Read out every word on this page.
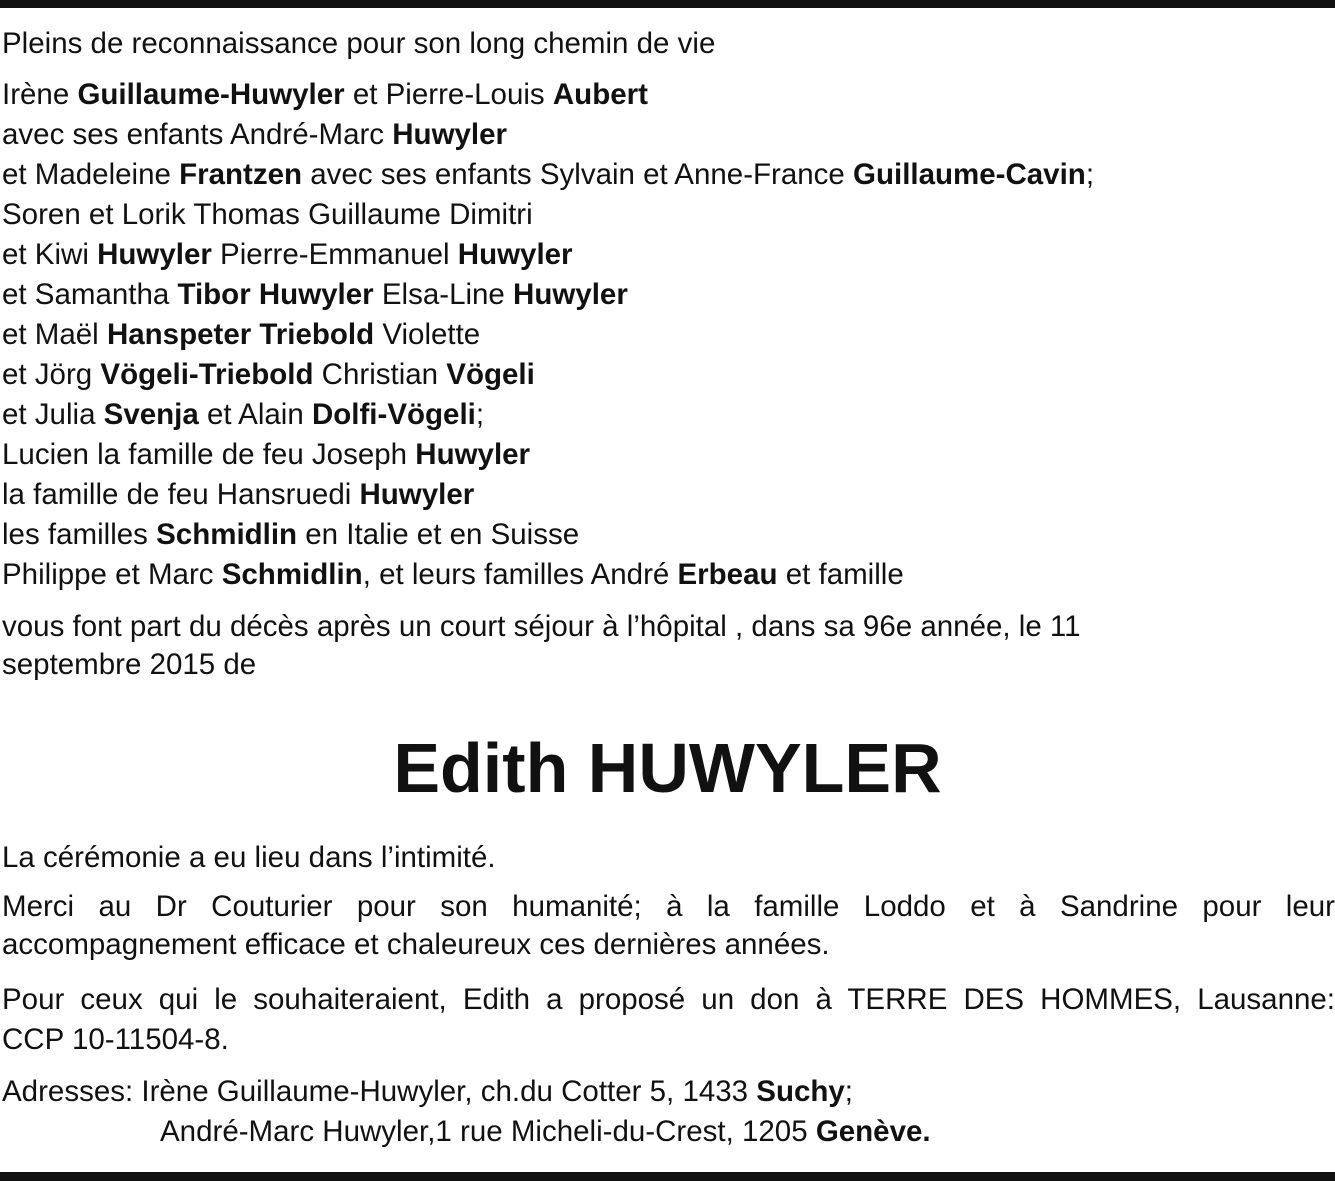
Pleins de reconnaissance pour son long chemin de vie
Irène Guillaume-Huwyler et Pierre-Louis Aubert
avec ses enfants André-Marc Huwyler
et Madeleine Frantzen avec ses enfants Sylvain et Anne-France Guillaume-Cavin;
Soren et Lorik Thomas Guillaume Dimitri
et Kiwi Huwyler Pierre-Emmanuel Huwyler
et Samantha Tibor Huwyler Elsa-Line Huwyler
et Maël Hanspeter Triebold Violette
et Jörg Vögeli-Triebold Christian Vögeli
et Julia Svenja et Alain Dolfi-Vögeli;
Lucien la famille de feu Joseph Huwyler
la famille de feu Hansruedi Huwyler
les familles Schmidlin en Italie et en Suisse
Philippe et Marc Schmidlin, et leurs familles André Erbeau et famille
vous font part du décès après un court séjour à l’hôpital , dans sa 96e année, le 11
septembre 2015 de
Edith HUWYLER
La cérémonie a eu lieu dans l’intimité.
Merci au Dr Couturier pour son humanité; à la famille Loddo et à Sandrine pour leur
accompagnement efficace et chaleureux ces dernières années.
Pour ceux qui le souhaiteraient, Edith a proposé un don à TERRE DES HOMMES, Lausanne:
CCP 10-11504-8.
Adresses: Irène Guillaume-Huwyler, ch.du Cotter 5, 1433 Suchy;
André-Marc Huwyler,1 rue Micheli-du-Crest, 1205 Genève.
